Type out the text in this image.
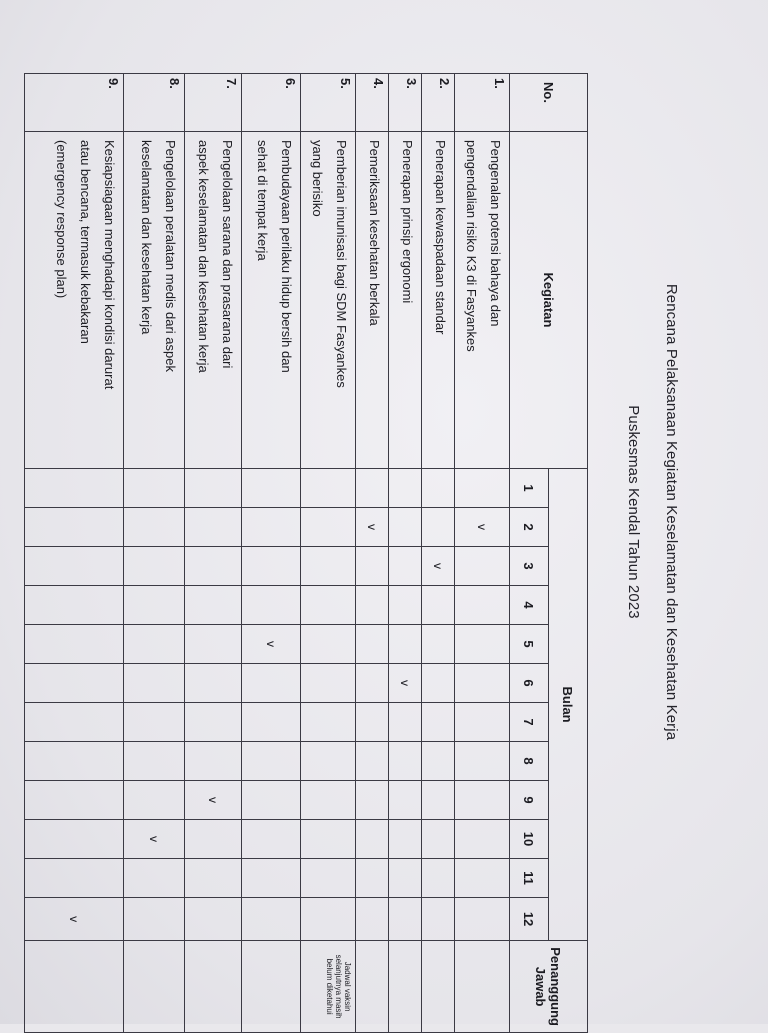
Rencana Pelaksanaan Kegiatan Keselamatan dan Kesehatan Kerja
Puskesmas Kendal Tahun 2023
No.	Kegiatan	Bulan												Penanggung
Jawab
		1	2	3	4	5	6	7	8	9	10	11	12	
1.	Pengenalan potensi bahaya dan
pengendalian risiko K3 di Fasyankes		v											
2.	Penerapan kewaspadaan standar			v										
3.	Penerapan prinsip ergonomi						v							
4.	Pemeriksaan kesehatan berkala		v											
5.	Pemberian imunisasi bagi SDM Fasyankes
yang berisiko													Jadwal vaksin selanjutnya masih belum diketahui
6.	Pembudayaan perilaku hidup bersih dan
sehat di tempat kerja					v								
7.	Pengelolaan sarana dan prasarana dari
aspek keselamatan dan kesehatan kerja									v				
8.	Pengelolaan peralatan medis dari aspek
keselamatan dan kesehatan kerja										v			
9.	Kesiapsiagaan menghadapi kondisi darurat
atau bencana, termasuk kebakaran
(emergency response plan)												v	
